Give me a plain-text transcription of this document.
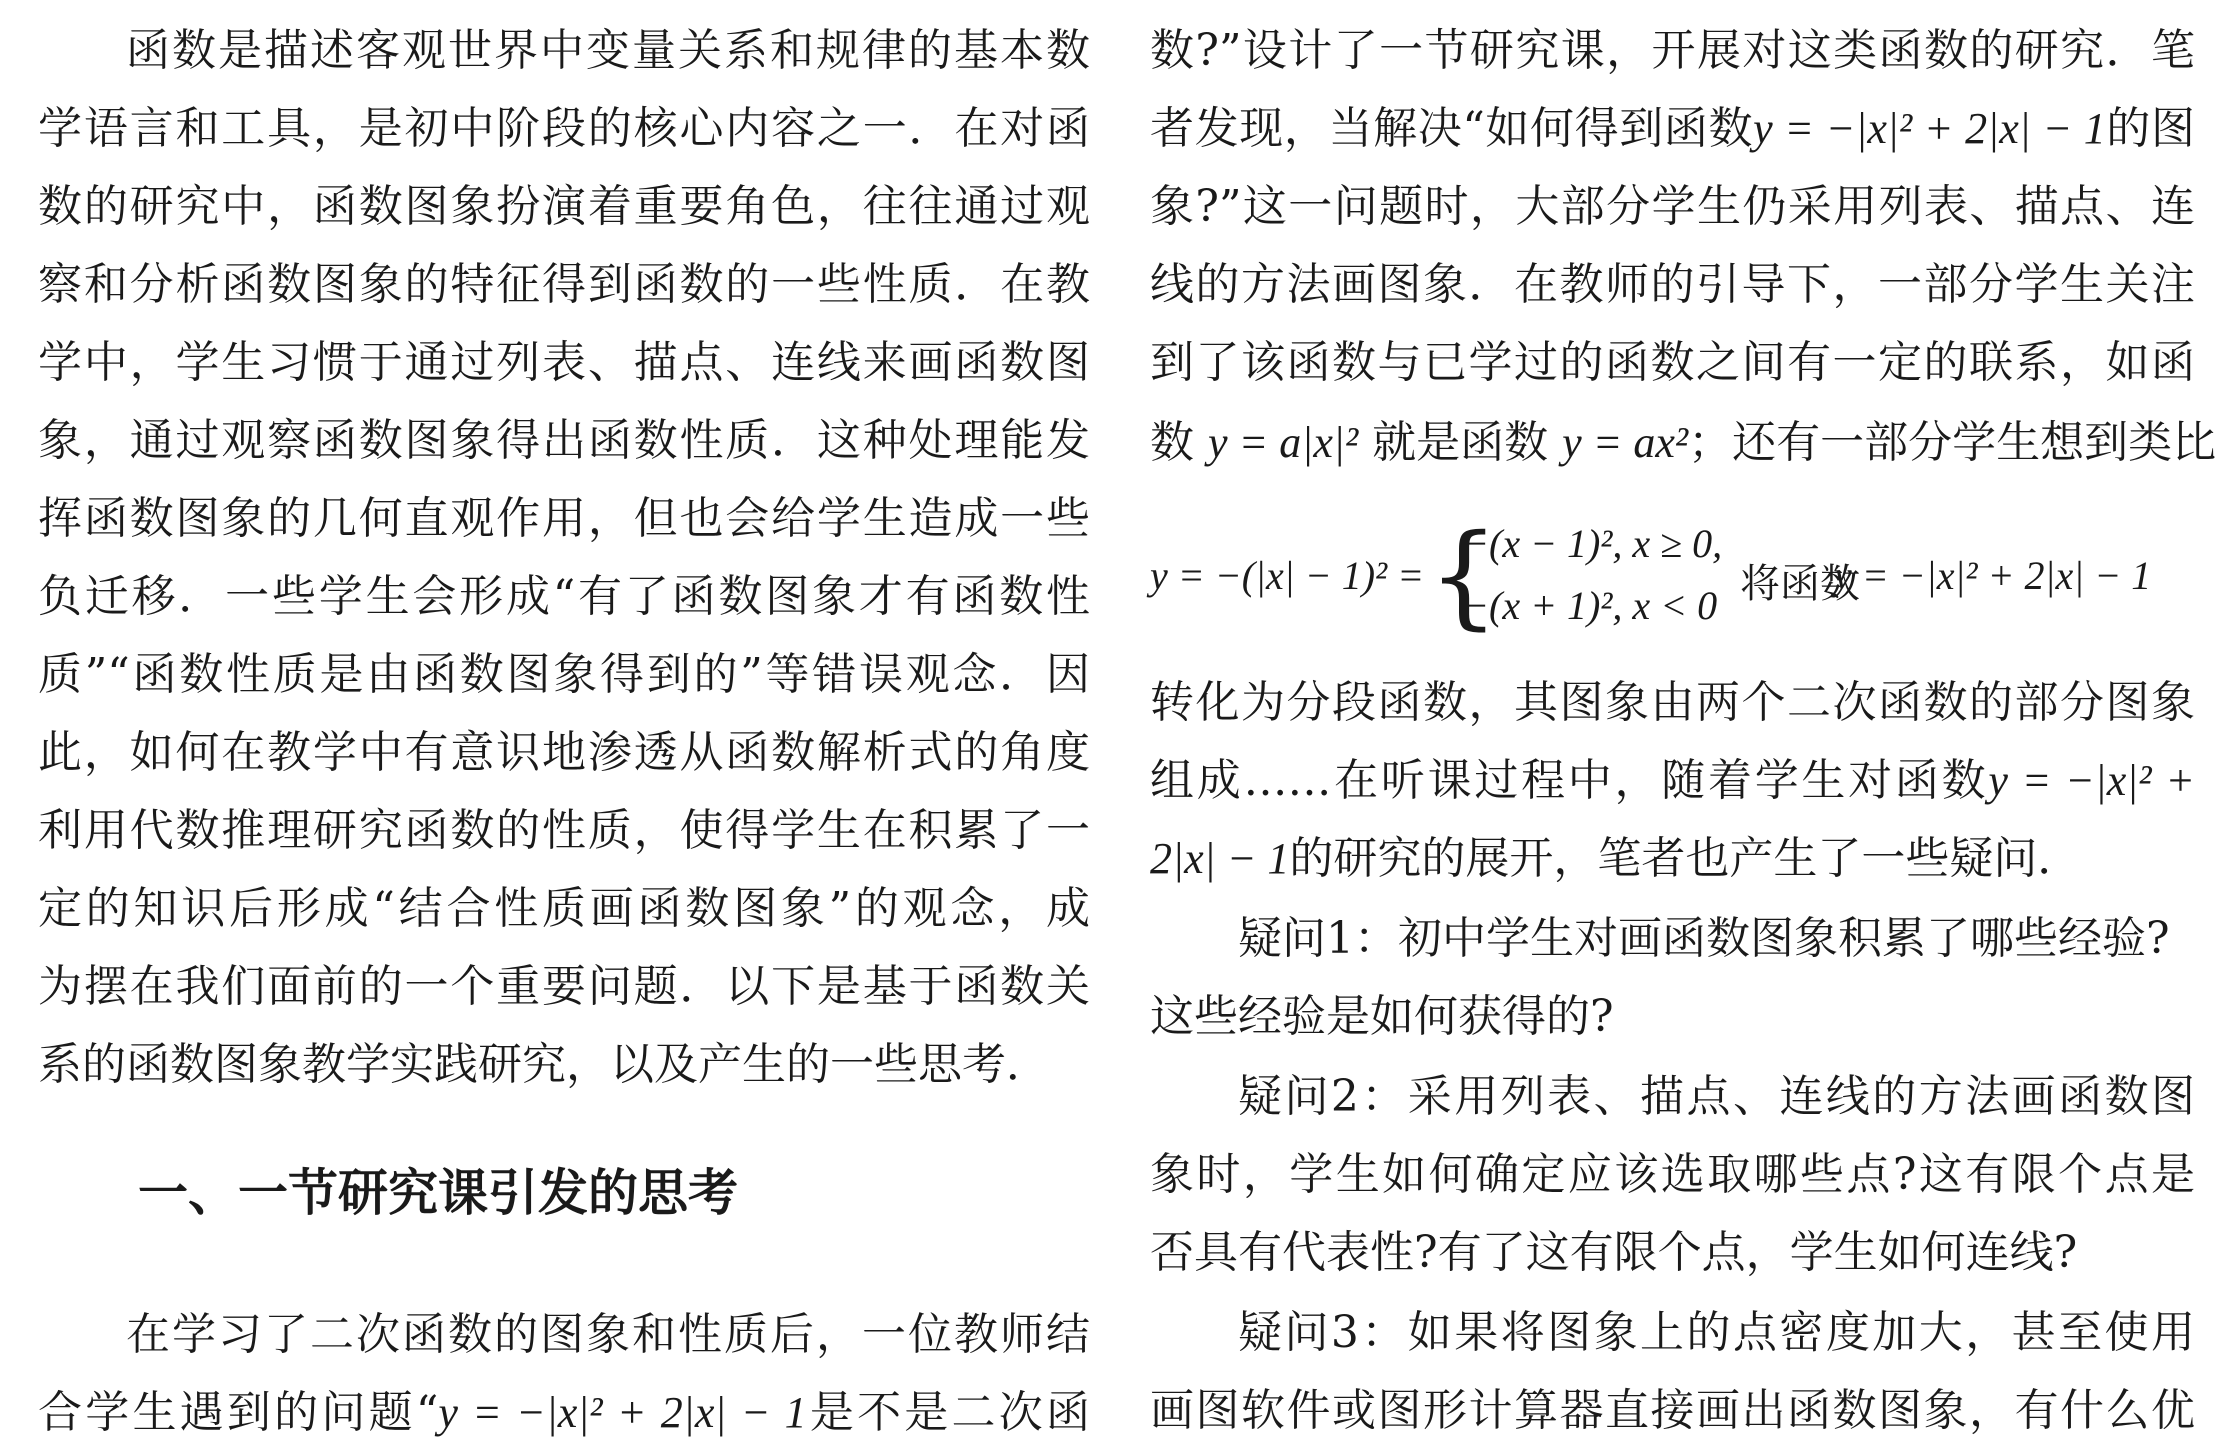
函数是描述客观世界中变量关系和规律的基本数
学语言和工具，是初中阶段的核心内容之一．在对函
数的研究中，函数图象扮演着重要角色，往往通过观
察和分析函数图象的特征得到函数的一些性质．在教
学中，学生习惯于通过列表、描点、连线来画函数图
象，通过观察函数图象得出函数性质．这种处理能发
挥函数图象的几何直观作用，但也会给学生造成一些
负迁移．一些学生会形成“有了函数图象才有函数性
质”“函数性质是由函数图象得到的”等错误观念．因
此，如何在教学中有意识地渗透从函数解析式的角度
利用代数推理研究函数的性质，使得学生在积累了一
定的知识后形成“结合性质画函数图象”的观念，成
为摆在我们面前的一个重要问题．以下是基于函数关
系的函数图象教学实践研究，以及产生的一些思考．
一、一节研究课引发的思考
在学习了二次函数的图象和性质后，一位教师结
合学生遇到的问题“y = −|x|² + 2|x| − 1是不是二次函
数?”设计了一节研究课，开展对这类函数的研究．笔
者发现，当解决“如何得到函数y = −|x|² + 2|x| − 1的图
象?”这一问题时，大部分学生仍采用列表、描点、连
线的方法画图象．在教师的引导下，一部分学生关注
到了该函数与已学过的函数之间有一定的联系，如函
数 y = a|x|² 就是函数 y = ax²；还有一部分学生想到类比
y = −(|x| − 1)² = {
−(x − 1)², x ≥ 0,
−(x + 1)², x < 0 将函数
y = −|x|² + 2|x| − 1
转化为分段函数，其图象由两个二次函数的部分图象
组成……在听课过程中，随着学生对函数y = −|x|² +
2|x| − 1的研究的展开，笔者也产生了一些疑问．
疑问1：初中学生对画函数图象积累了哪些经验?
这些经验是如何获得的?
疑问2：采用列表、描点、连线的方法画函数图
象时，学生如何确定应该选取哪些点?这有限个点是
否具有代表性?有了这有限个点，学生如何连线?
疑问3：如果将图象上的点密度加大，甚至使用
画图软件或图形计算器直接画出函数图象，有什么优
